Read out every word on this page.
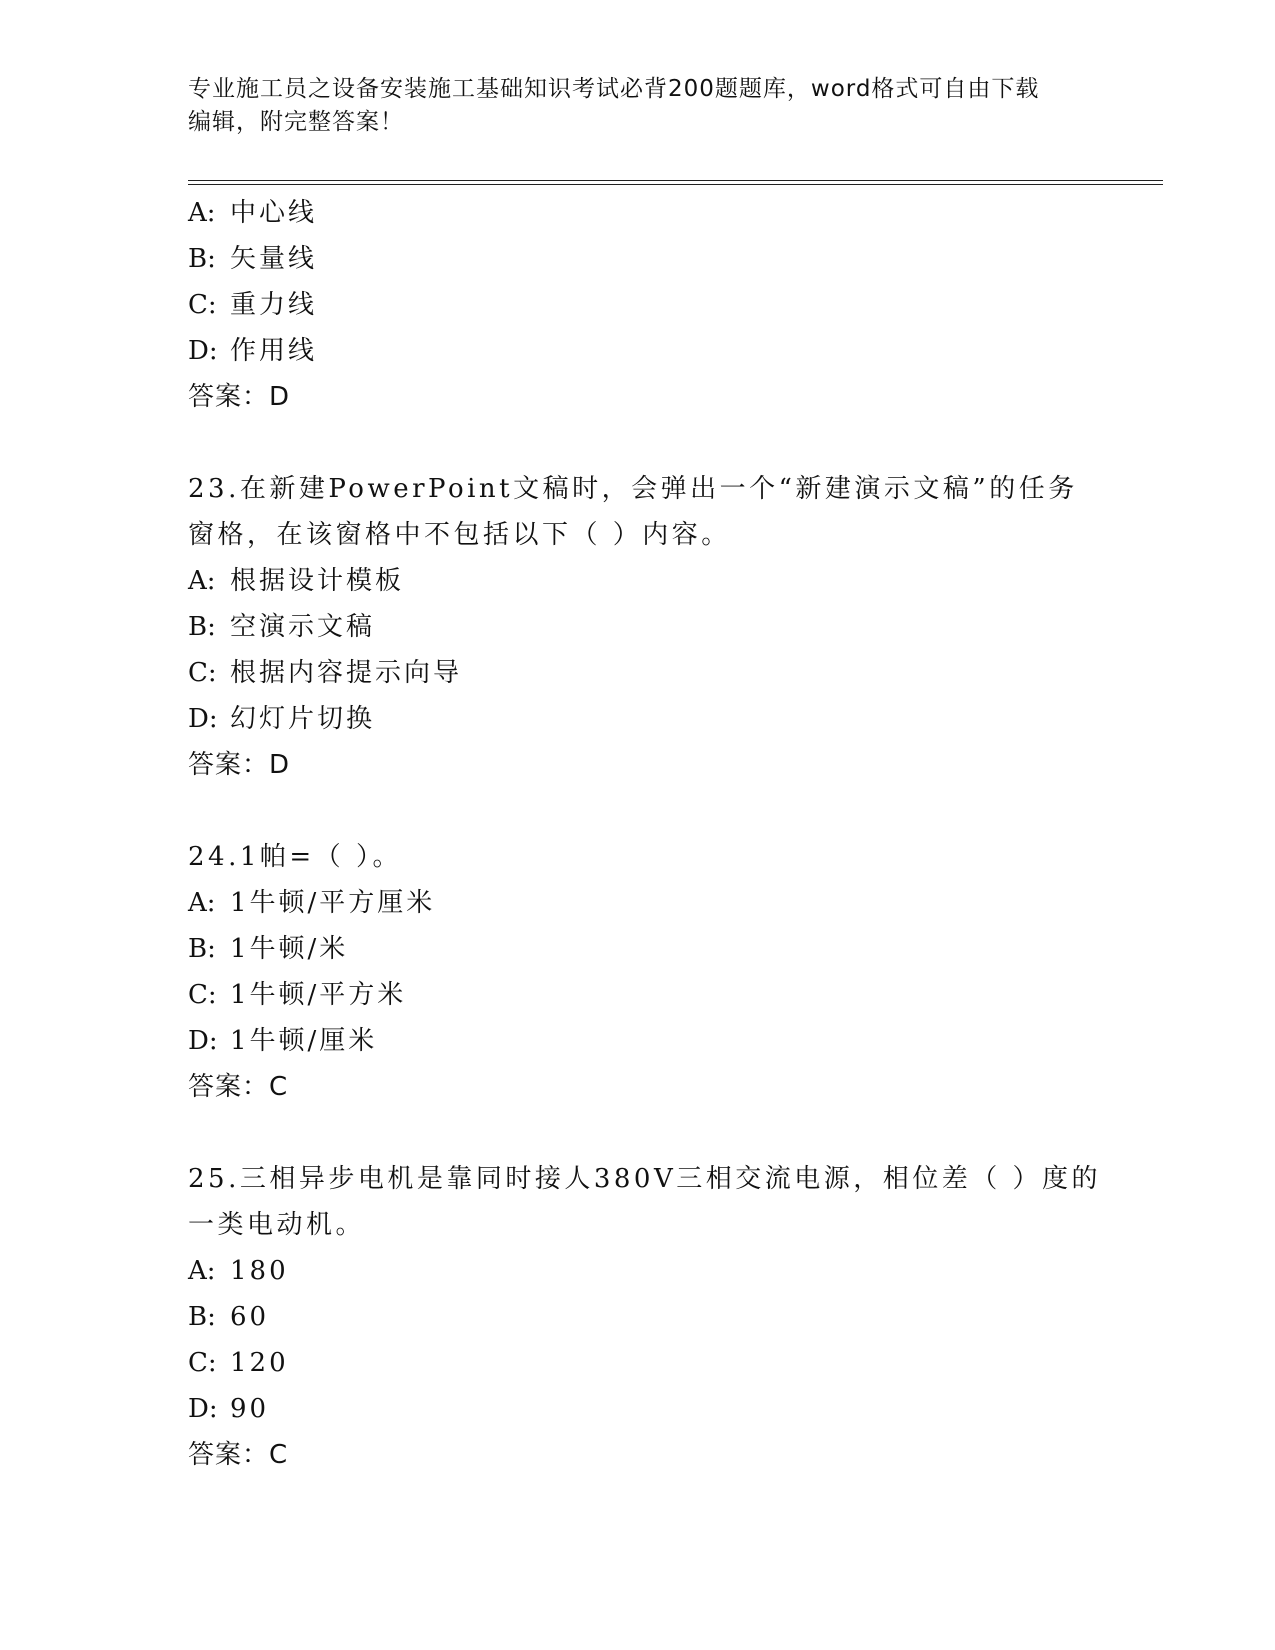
专业施工员之设备安装施工基础知识考试必背200题题库，word格式可自由下载
编辑，附完整答案！
A: 中心线
B: 矢量线
C: 重力线
D: 作用线
答案：D
23.在新建PowerPoint文稿时，会弹出一个“新建演示文稿”的任务
窗格，在该窗格中不包括以下（ ）内容。
A: 根据设计模板
B: 空演示文稿
C: 根据内容提示向导
D: 幻灯片切换
答案：D
24.1帕=（ ）。
A: 1牛顿/平方厘米
B: 1牛顿/米
C: 1牛顿/平方米
D: 1牛顿/厘米
答案：C
25.三相异步电机是靠同时接人380V三相交流电源，相位差（ ）度的
一类电动机。
A: 180
B: 60
C: 120
D: 90
答案：C
